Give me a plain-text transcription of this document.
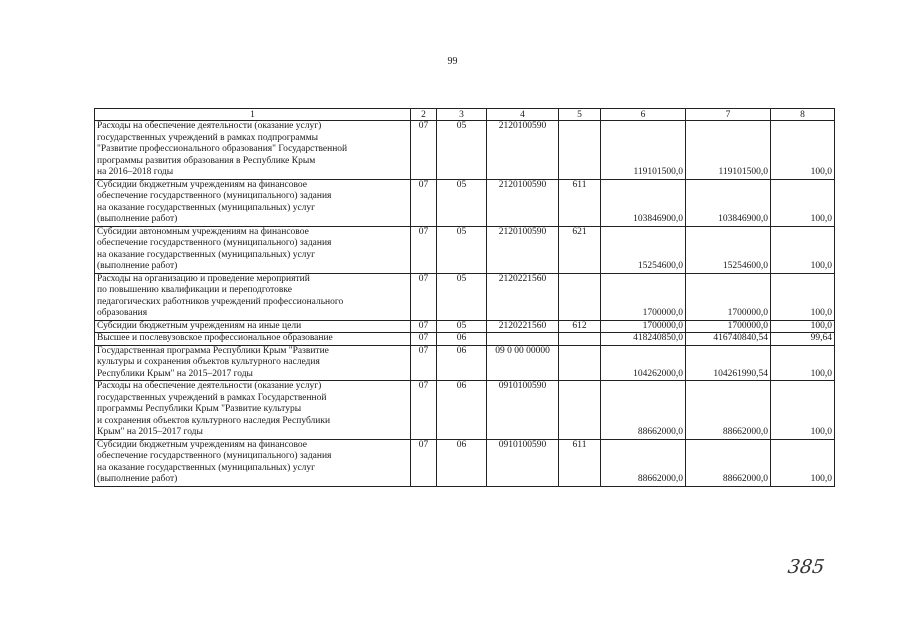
99
1	2	3	4	5	6	7	8

Расходы на обеспечение деятельности (оказание услуг)
государственных учреждений в рамках подпрограммы
"Развитие профессионального образования" Государственной
программы развития образования в Республике Крым
на 2016–2018 годы	07	05	2120100590		119101500,0	119101500,0	100,0

Субсидии бюджетным учреждениям на финансовое
обеспечение государственного (муниципального) задания
на оказание государственных (муниципальных) услуг
(выполнение работ)	07	05	2120100590	611	103846900,0	103846900,0	100,0

Субсидии автономным учреждениям на финансовое
обеспечение государственного (муниципального) задания
на оказание государственных (муниципальных) услуг
(выполнение работ)	07	05	2120100590	621	15254600,0	15254600,0	100,0

Расходы на организацию и проведение мероприятий
по повышению квалификации и переподготовке
педагогических работников учреждений профессионального
образования	07	05	2120221560		1700000,0	1700000,0	100,0

Субсидии бюджетным учреждениям на иные цели	07	05	2120221560	612	1700000,0	1700000,0	100,0

Высшее и послевузовское профессиональное образование	07	06			418240850,0	416740840,54	99,64

Государственная программа Республики Крым "Развитие
культуры и сохранения объектов культурного наследия
Республики Крым" на 2015–2017 годы	07	06	09 0 00 00000		104262000,0	104261990,54	100,0

Расходы на обеспечение деятельности (оказание услуг)
государственных учреждений в рамках Государственной
программы Республики Крым "Развитие культуры
и сохранения объектов культурного наследия Республики
Крым" на 2015–2017 годы	07	06	0910100590		88662000,0	88662000,0	100,0

Субсидии бюджетным учреждениям на финансовое
обеспечение государственного (муниципального) задания
на оказание государственных (муниципальных) услуг
(выполнение работ)	07	06	0910100590	611	88662000,0	88662000,0	100,0
385
